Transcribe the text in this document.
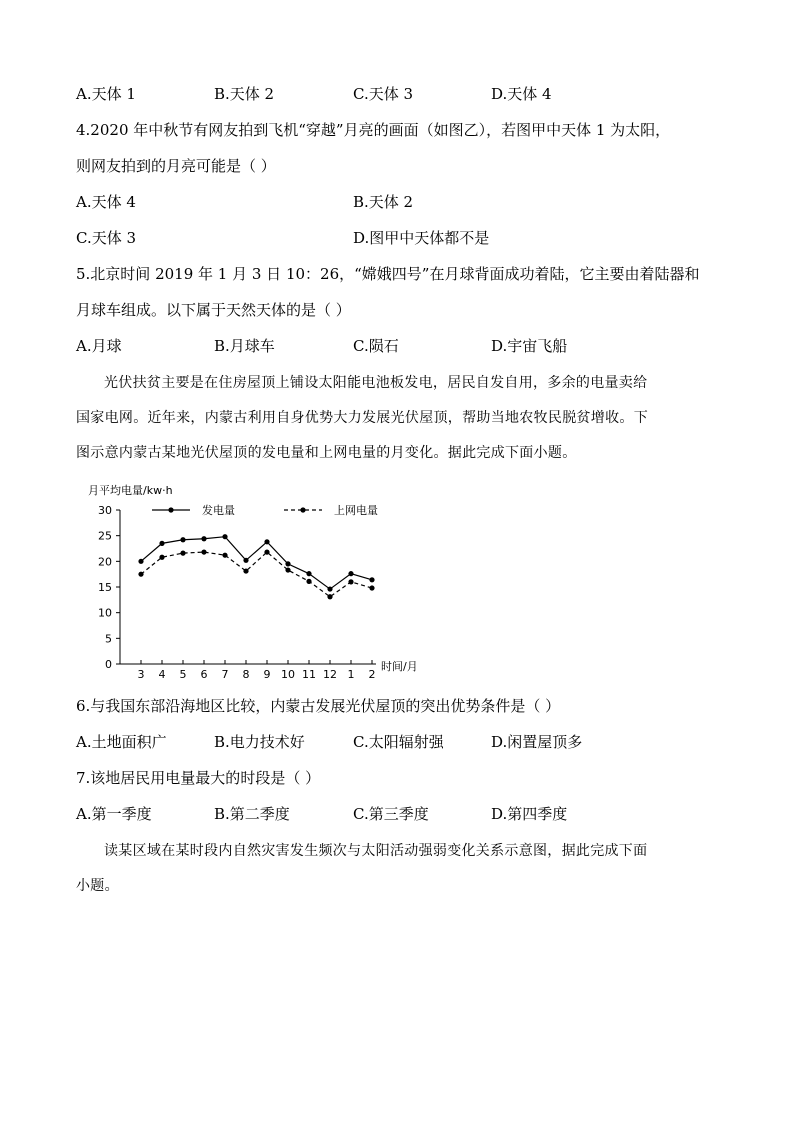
A.天体 1	B.天体 2	C.天体 3	D.天体 4
4.2020 年中秋节有网友拍到飞机“穿越”月亮的画面（如图乙），若图甲中天体 1 为太阳，
则网友拍到的月亮可能是（ ）
A.天体 4	B.天体 2
C.天体 3	D.图甲中天体都不是
5.北京时间 2019 年 1 月 3 日 10：26，“嫦娥四号”在月球背面成功着陆，它主要由着陆器和
月球车组成。以下属于天然天体的是（ ）
A.月球	B.月球车	C.陨石	D.宇宙飞船
光伏扶贫主要是在住房屋顶上铺设太阳能电池板发电，居民自发自用，多余的电量卖给
国家电网。近年来，内蒙古利用自身优势大力发展光伏屋顶，帮助当地农牧民脱贫增收。下
图示意内蒙古某地光伏屋顶的发电量和上网电量的月变化。据此完成下面小题。
月平均电量/kw·h
时间/月
0
5
10
15
20
25
30
3 4 5 6 7 8 9 10 11 12 1 2
发电量	上网电量
6.与我国东部沿海地区比较，内蒙古发展光伏屋顶的突出优势条件是（ ）
A.土地面积广	B.电力技术好	C.太阳辐射强	D.闲置屋顶多
7.该地居民用电量最大的时段是（ ）
A.第一季度	B.第二季度	C.第三季度	D.第四季度
读某区域在某时段内自然灾害发生频次与太阳活动强弱变化关系示意图，据此完成下面
小题。
